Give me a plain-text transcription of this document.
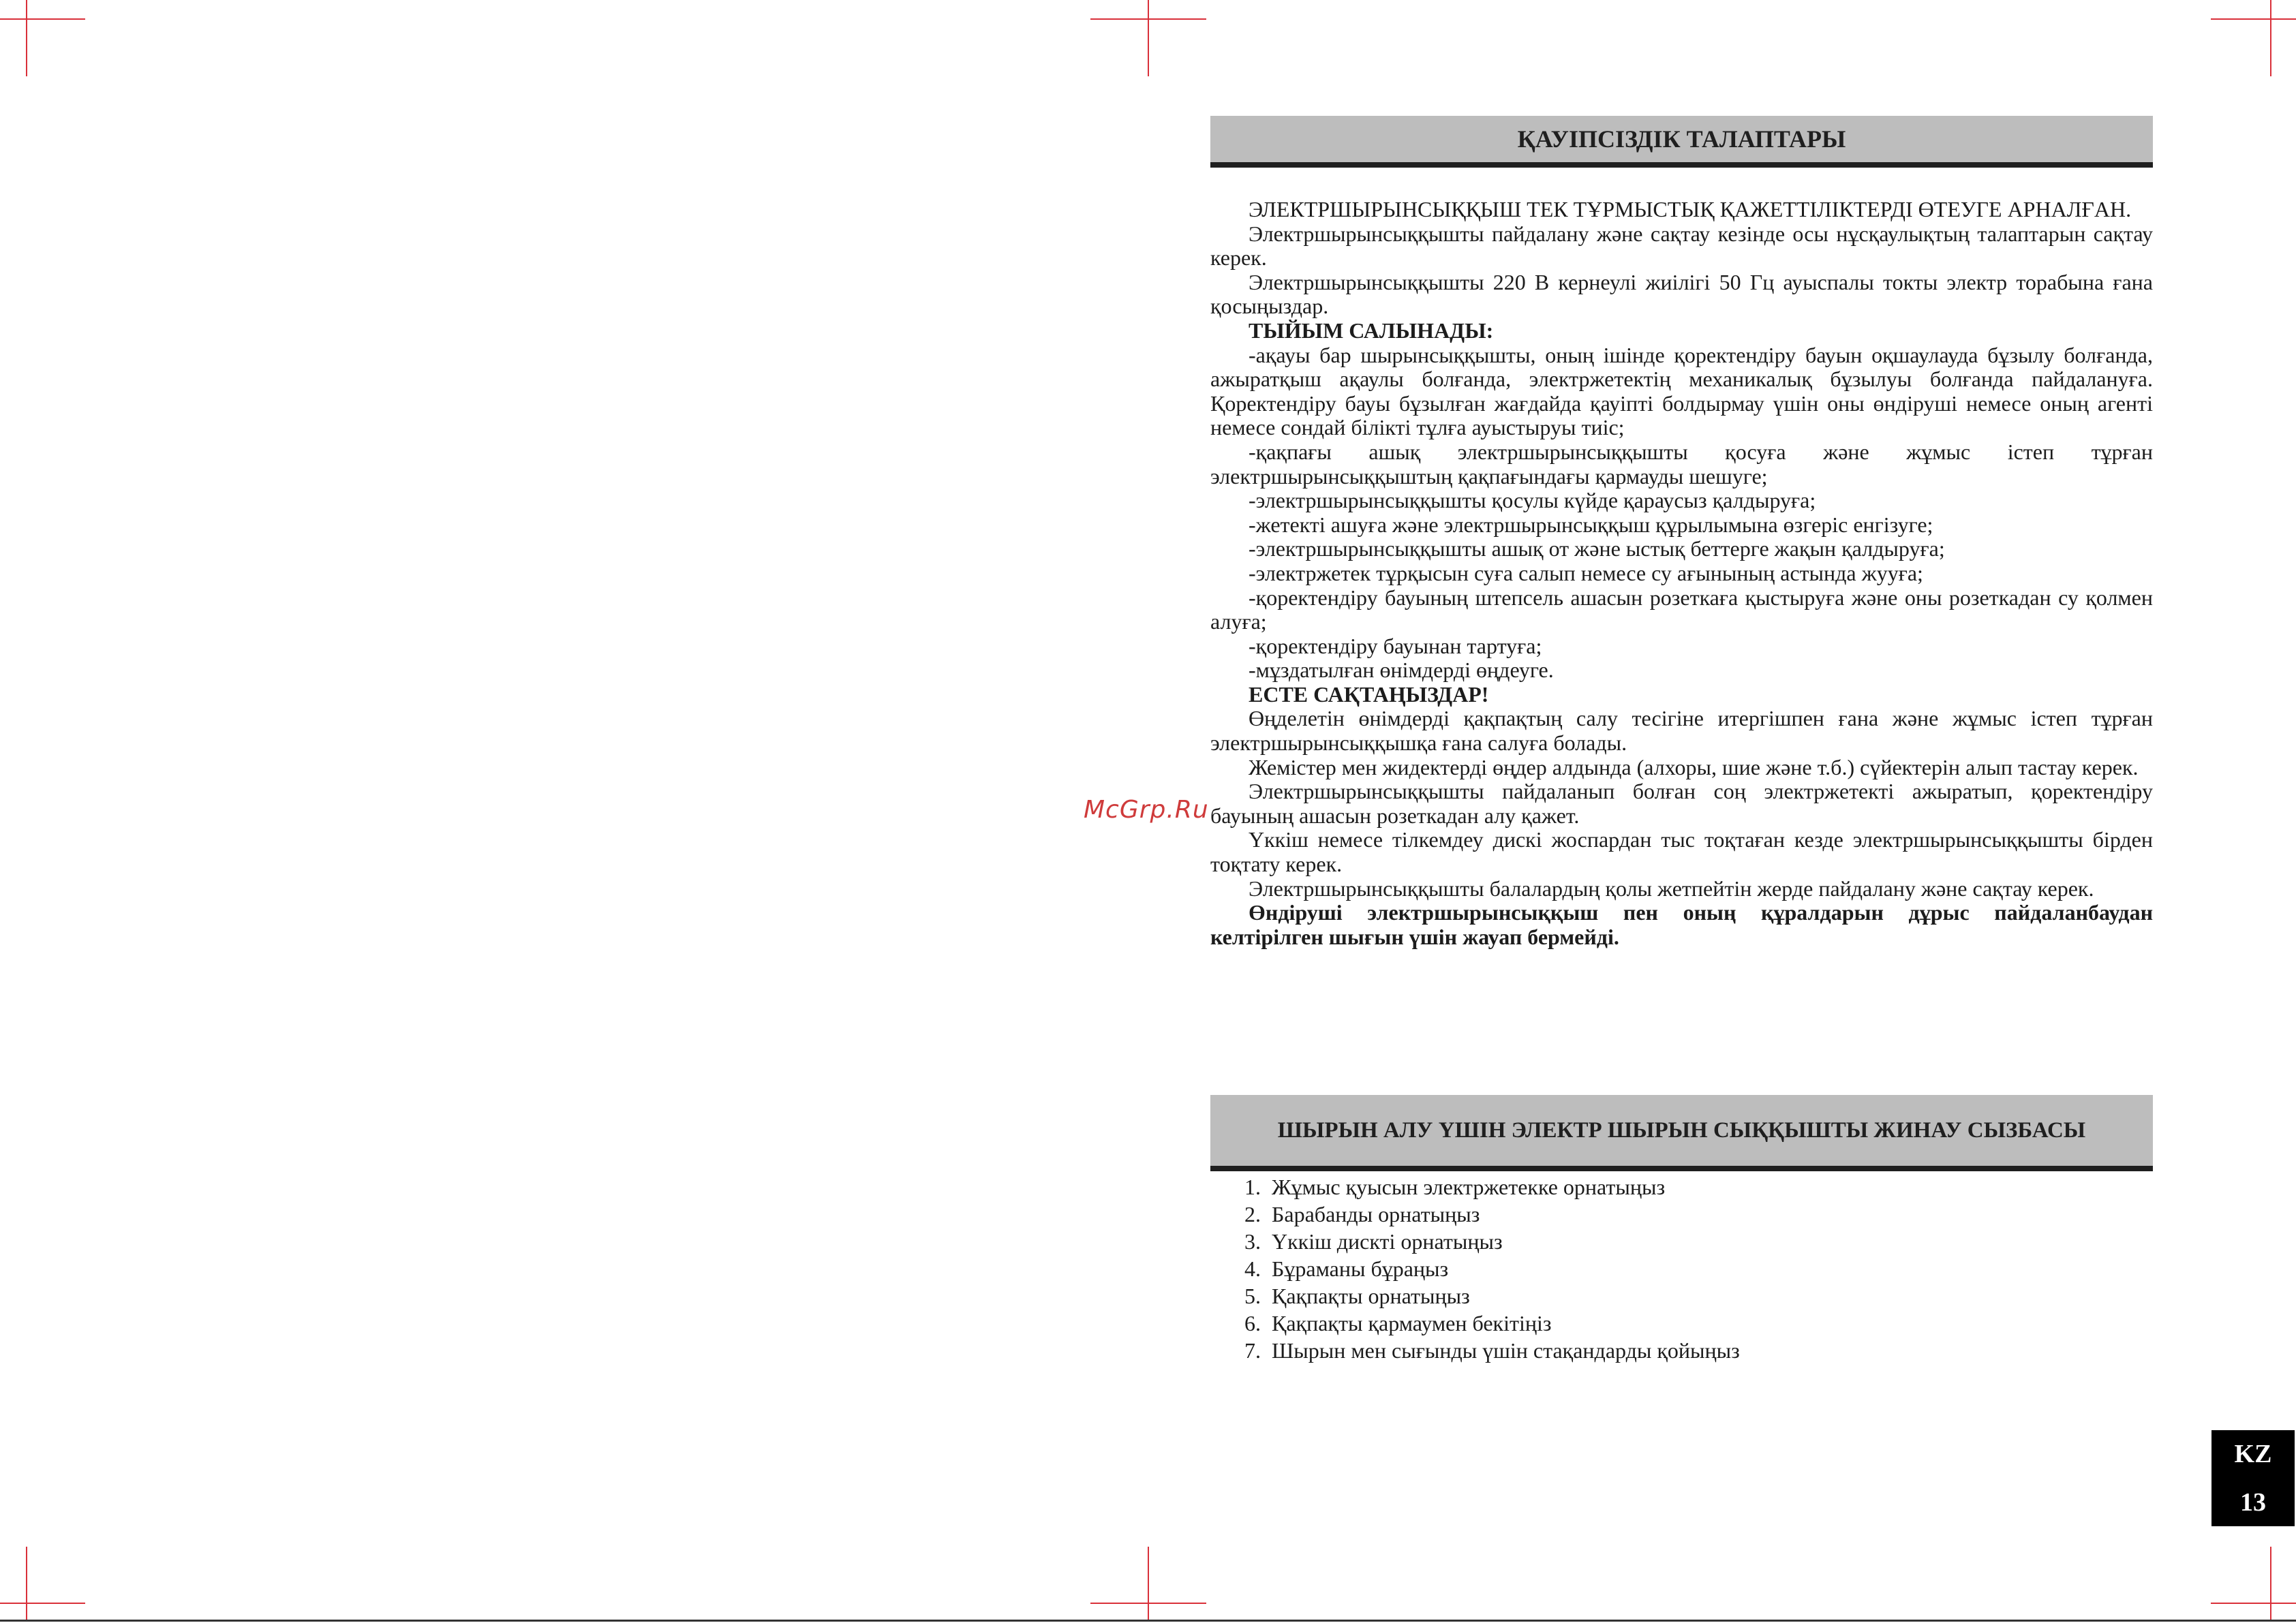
McGrp.Ru
ҚАУІПСІЗДІК ТАЛАПТАРЫ

ЭЛЕКТРШЫРЫНСЫҚҚЫШ ТЕК ТҰРМЫСТЫҚ ҚАЖЕТТІЛІКТЕРДІ ӨТЕУГЕ АРНАЛҒАН.

Электршырынсыққышты пайдалану және сақтау кезінде осы нұсқаулықтың талаптарын сақтау керек.

Электршырынсыққышты 220 В кернеулі жиілігі 50 Гц ауыспалы токты электр торабына ғана қосыңыздар.

ТЫЙЫМ САЛЫНАДЫ:

-ақауы бар шырынсыққышты, оның ішінде қоректендіру бауын оқшаулауда бұзылу болғанда, ажыратқыш ақаулы болғанда, электржетектің механикалық бұзылуы болғанда пайдалануға. Қоректендіру бауы бұзылған жағдайда қауіпті болдырмау үшін оны өндіруші немесе оның агенті немесе сондай білікті тұлға ауыстыруы тиіс;

-қақпағы ашық электршырынсыққышты қосуға және жұмыс істеп тұрған электршырынсыққыштың қақпағындағы қармауды шешуге;

-электршырынсыққышты қосулы күйде қараусыз қалдыруға;

-жетекті ашуға және электршырынсыққыш құрылымына өзгеріс енгізуге;

-электршырынсыққышты ашық от және ыстық беттерге жақын қалдыруға;

-электржетек тұрқысын суға салып немесе су ағынының астында жууға;

-қоректендіру бауының штепсель ашасын розеткаға қыстыруға және оны розеткадан су қолмен алуға;

-қоректендіру бауынан тартуға;

-мұздатылған өнімдерді өңдеуге.

ЕСТЕ САҚТАҢЫЗДАР!

Өңделетін өнімдерді қақпақтың салу тесігіне итергішпен ғана және жұмыс істеп тұрған электршырынсыққышқа ғана салуға болады.

Жемістер мен жидектерді өңдер алдында (алхоры, шие және т.б.) сүйектерін алып тастау керек.

Электршырынсыққышты пайдаланып болған соң электржетекті ажыратып, қоректендіру бауының ашасын розеткадан алу қажет.

Үккіш немесе тілкемдеу дискі жоспардан тыс тоқтаған кезде электршырынсыққышты бірден тоқтату керек.

Электршырынсыққышты балалардың қолы жетпейтін жерде пайдалану және сақтау керек.

Өндіруші электршырынсыққыш пен оның құралдарын дұрыс пайдаланбаудан келтірілген шығын үшін жауап бермейді.

ШЫРЫН АЛУ ҮШІН ЭЛЕКТР ШЫРЫН СЫҚҚЫШТЫ ЖИНАУ СЫЗБАСЫ
1. Жұмыс қуысын электржетекке орнатыңыз
2. Барабанды орнатыңыз
3. Үккіш дискті орнатыңыз
4. Бұраманы бұраңыз
5. Қақпақты орнатыңыз
6. Қақпақты қармаумен бекітіңіз
7. Шырын мен сығынды үшін стақандарды қойыңыз
KZ
13
